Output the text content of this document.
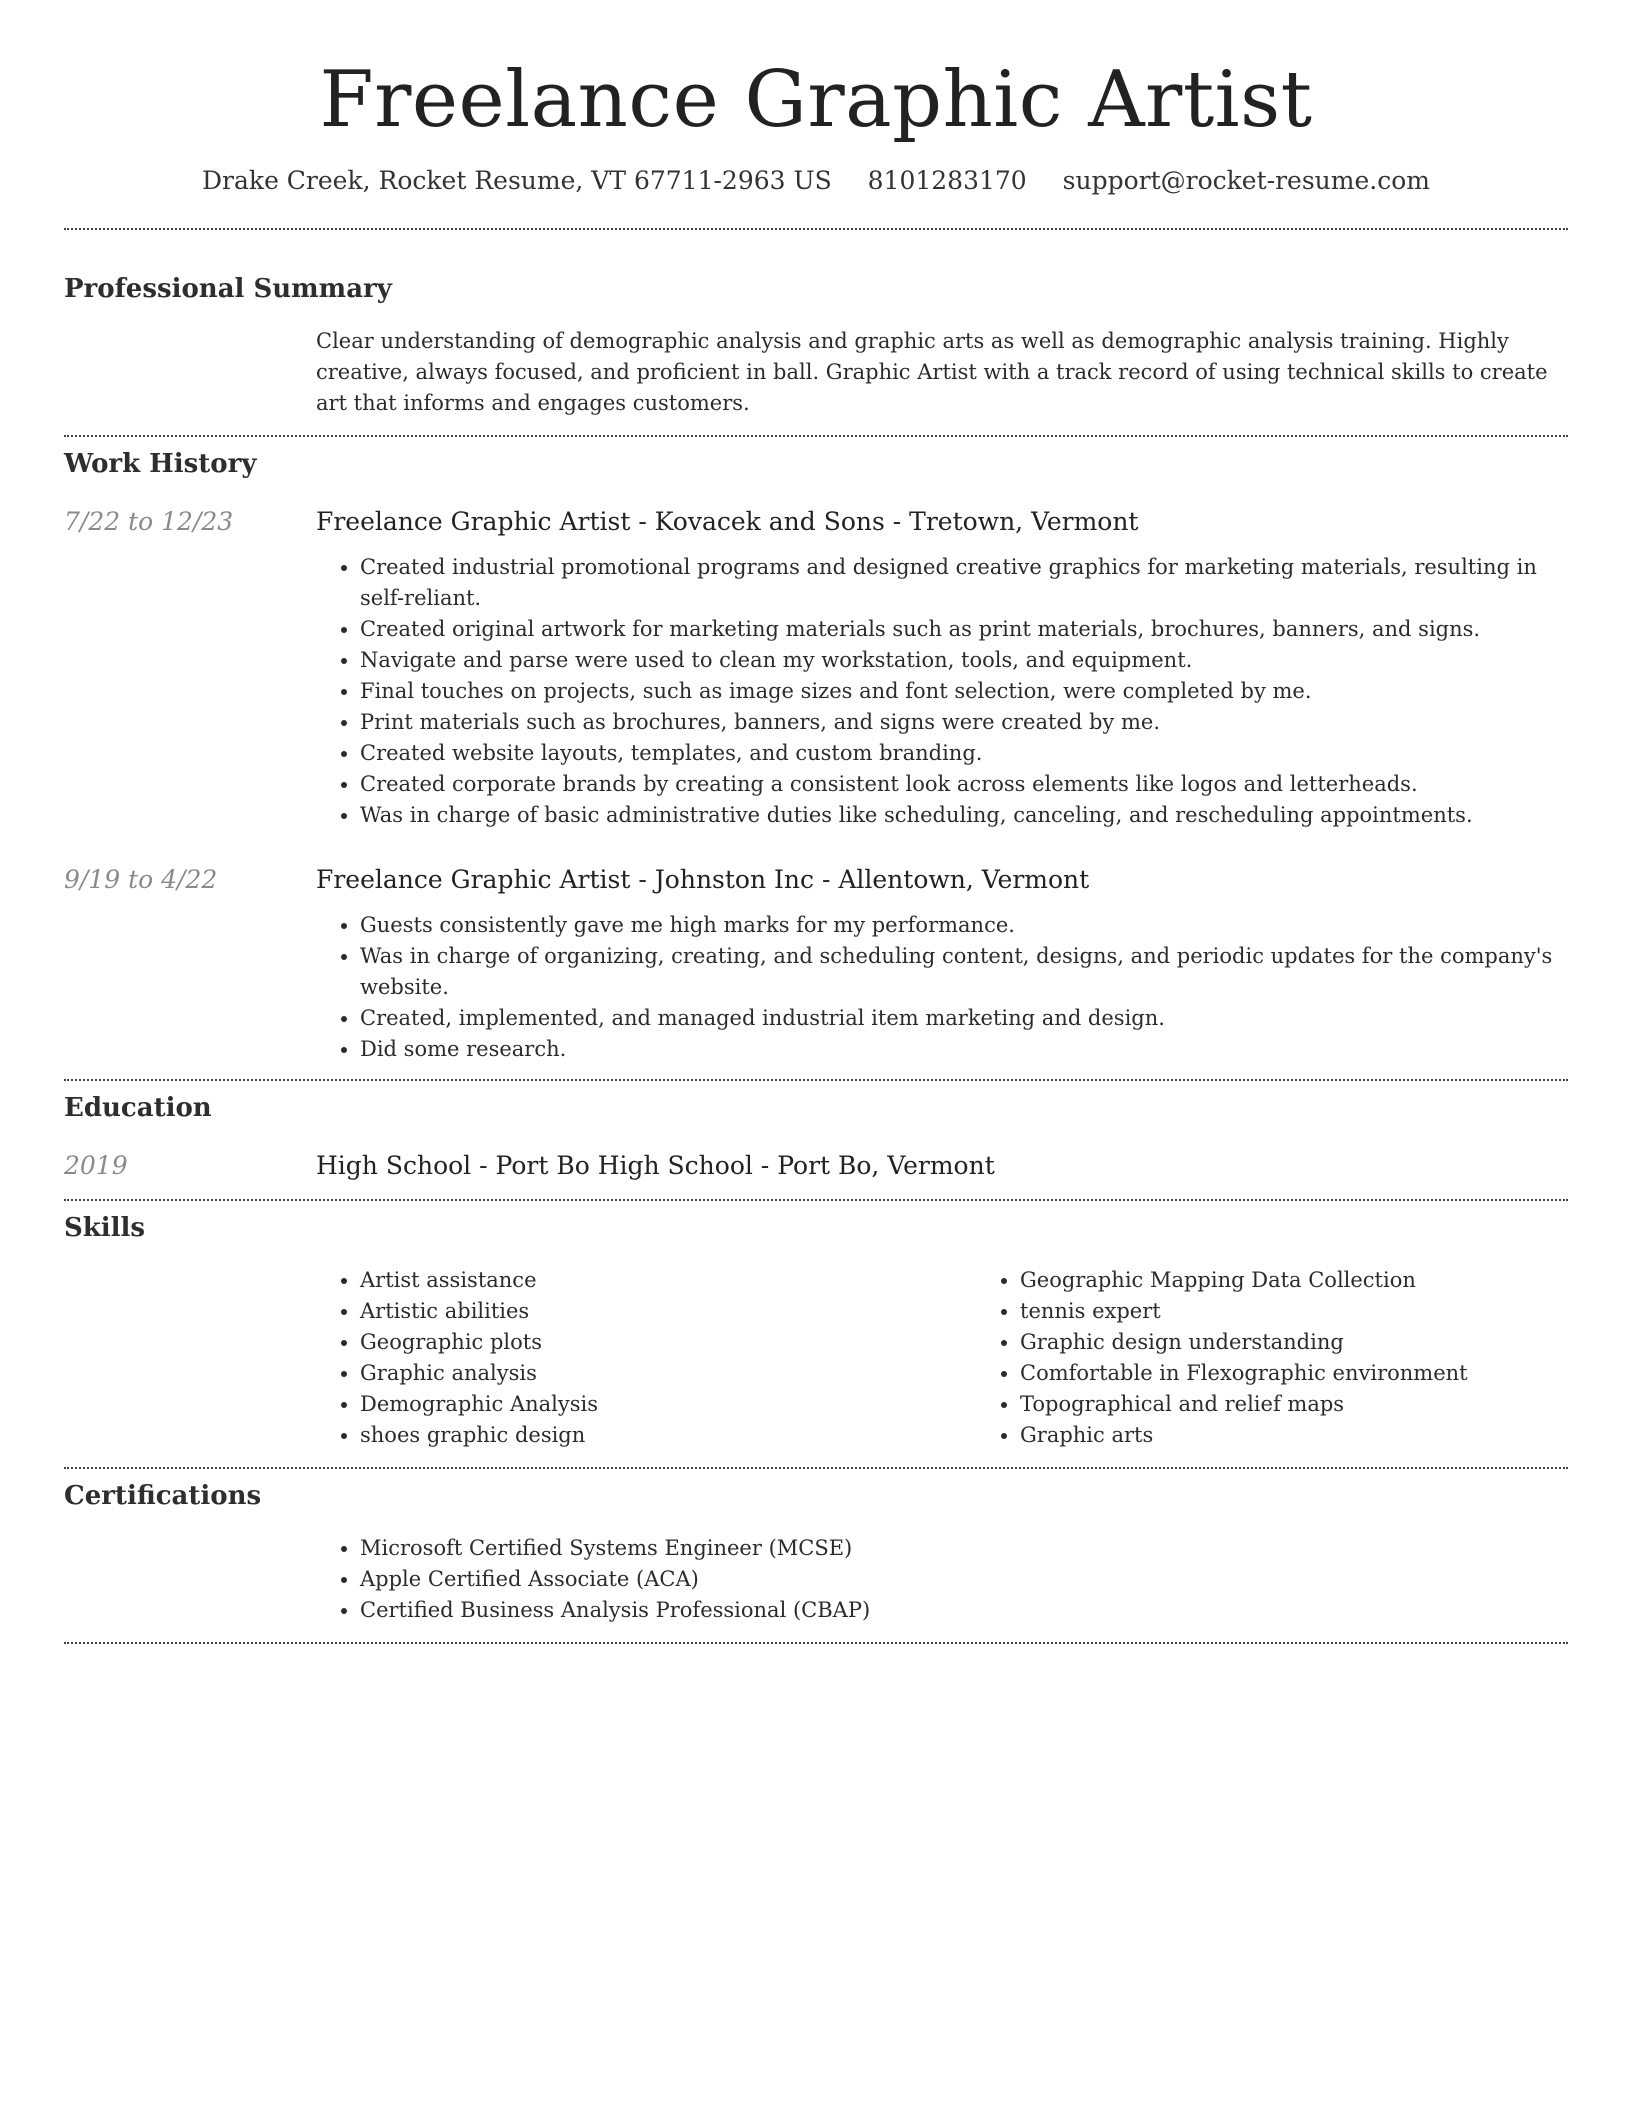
Freelance Graphic Artist
Drake Creek, Rocket Resume, VT 67711-2963 US 8101283170 support@rocket-resume.com
Professional Summary
Clear understanding of demographic analysis and graphic arts as well as demographic analysis training. Highly creative, always focused, and proficient in ball. Graphic Artist with a track record of using technical skills to create art that informs and engages customers.
Work History
7/22 to 12/23	Freelance Graphic Artist - Kovacek and Sons - Tretown, Vermont
• Created industrial promotional programs and designed creative graphics for marketing materials, resulting in self-reliant.
• Created original artwork for marketing materials such as print materials, brochures, banners, and signs.
• Navigate and parse were used to clean my workstation, tools, and equipment.
• Final touches on projects, such as image sizes and font selection, were completed by me.
• Print materials such as brochures, banners, and signs were created by me.
• Created website layouts, templates, and custom branding.
• Created corporate brands by creating a consistent look across elements like logos and letterheads.
• Was in charge of basic administrative duties like scheduling, canceling, and rescheduling appointments.
9/19 to 4/22	Freelance Graphic Artist - Johnston Inc - Allentown, Vermont
• Guests consistently gave me high marks for my performance.
• Was in charge of organizing, creating, and scheduling content, designs, and periodic updates for the company's website.
• Created, implemented, and managed industrial item marketing and design.
• Did some research.
Education
2019	High School - Port Bo High School - Port Bo, Vermont
Skills
• Artist assistance
• Artistic abilities
• Geographic plots
• Graphic analysis
• Demographic Analysis
• shoes graphic design
• Geographic Mapping Data Collection
• tennis expert
• Graphic design understanding
• Comfortable in Flexographic environment
• Topographical and relief maps
• Graphic arts
Certifications
• Microsoft Certified Systems Engineer (MCSE)
• Apple Certified Associate (ACA)
• Certified Business Analysis Professional (CBAP)
